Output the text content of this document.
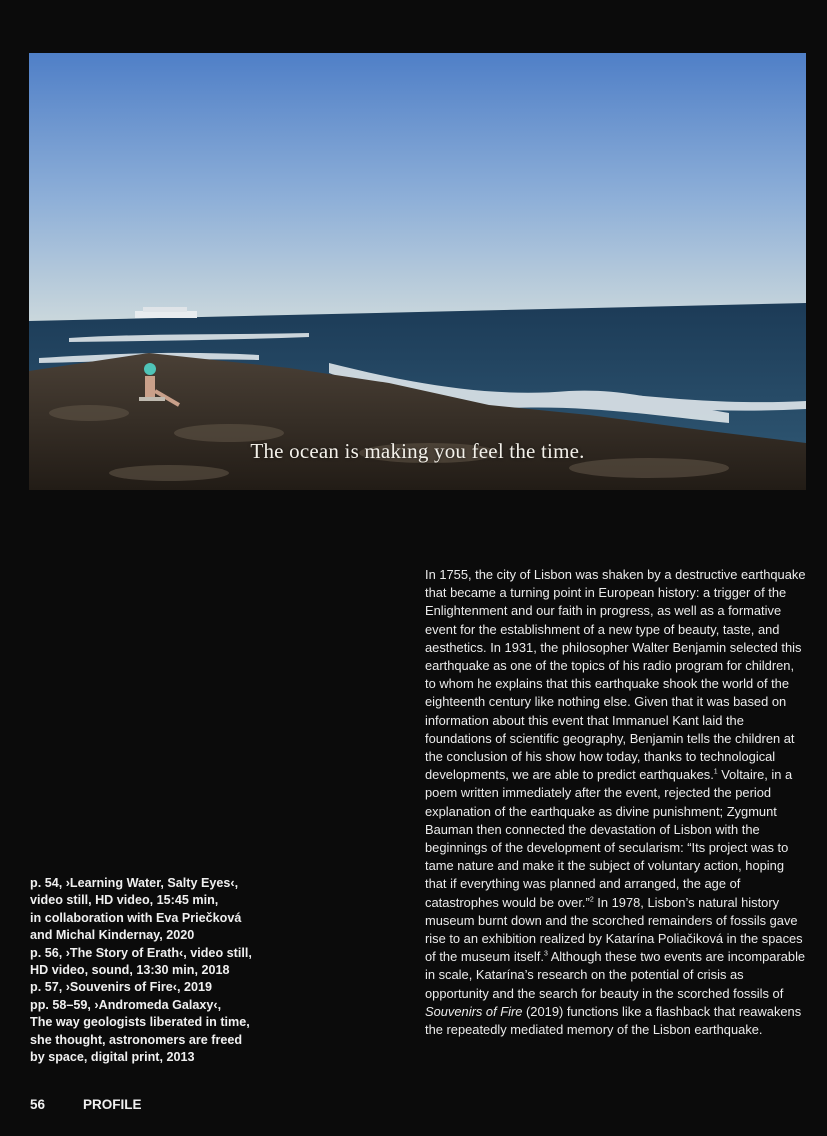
The ocean is making you feel the time.

In 1755, the city of Lisbon was shaken by a destructive earthquake that became a turning point in European history: a trigger of the Enlightenment and our faith in progress, as well as a formative event for the establishment of a new type of beauty, taste, and aesthetics. In 1931, the philosopher Walter Benjamin selected this earthquake as one of the topics of his radio program for children, to whom he explains that this earthquake shook the world of the eighteenth century like nothing else. Given that it was based on information about this event that Immanuel Kant laid the foundations of scientific geography, Benjamin tells the children at the conclusion of his show how today, thanks to technological developments, we are able to predict earthquakes.$^1$ Voltaire, in a poem written immediately after the event, rejected the period explanation of the earthquake as divine punishment; Zygmunt Bauman then connected the devastation of Lisbon with the beginnings of the development of secularism: “Its project was to tame nature and make it the subject of voluntary action, hoping that if everything was planned and arranged, the age of catastrophes would be over.”$^2$ In 1978, Lisbon’s natural history museum burnt down and the scorched remainders of fossils gave rise to an exhibition realized by Katarína Poliačiková in the spaces of the museum itself.$^3$ Although these two events are incomparable in scale, Katarína’s research on the potential of crisis as opportunity and the search for beauty in the scorched fossils of Souvenirs of Fire (2019) functions like a flashback that reawakens the repeatedly mediated memory of the Lisbon earthquake.

p. 54, ›Learning Water, Salty Eyes‹,
video still, HD video, 15:45 min,
in collaboration with Eva Priečková
and Michal Kindernay, 2020
p. 56, ›The Story of Erath‹, video still,
HD video, sound, 13:30 min, 2018
p. 57, ›Souvenirs of Fire‹, 2019
pp. 58–59, ›Andromeda Galaxy‹,
The way geologists liberated in time,
she thought, astronomers are freed
by space, digital print, 2013
56	PROFILE
